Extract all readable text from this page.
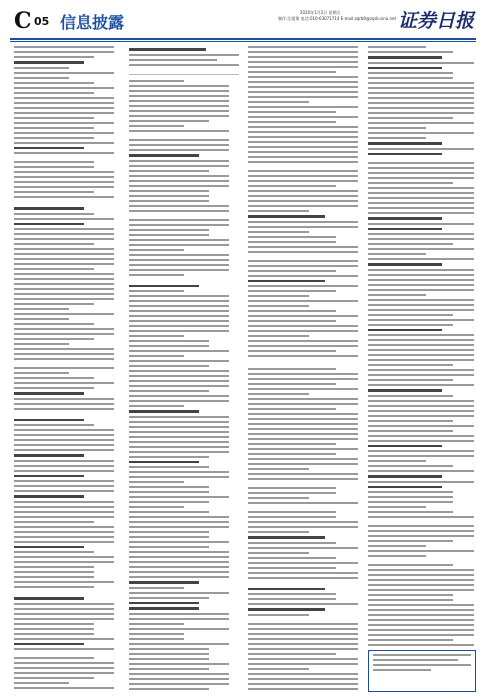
C 05 信息披露
2020年1月2日 星期五
制作:汪超翔 电话:010-63071714 E-mail:zqrb9@zqrb.sina.net 证券日报
